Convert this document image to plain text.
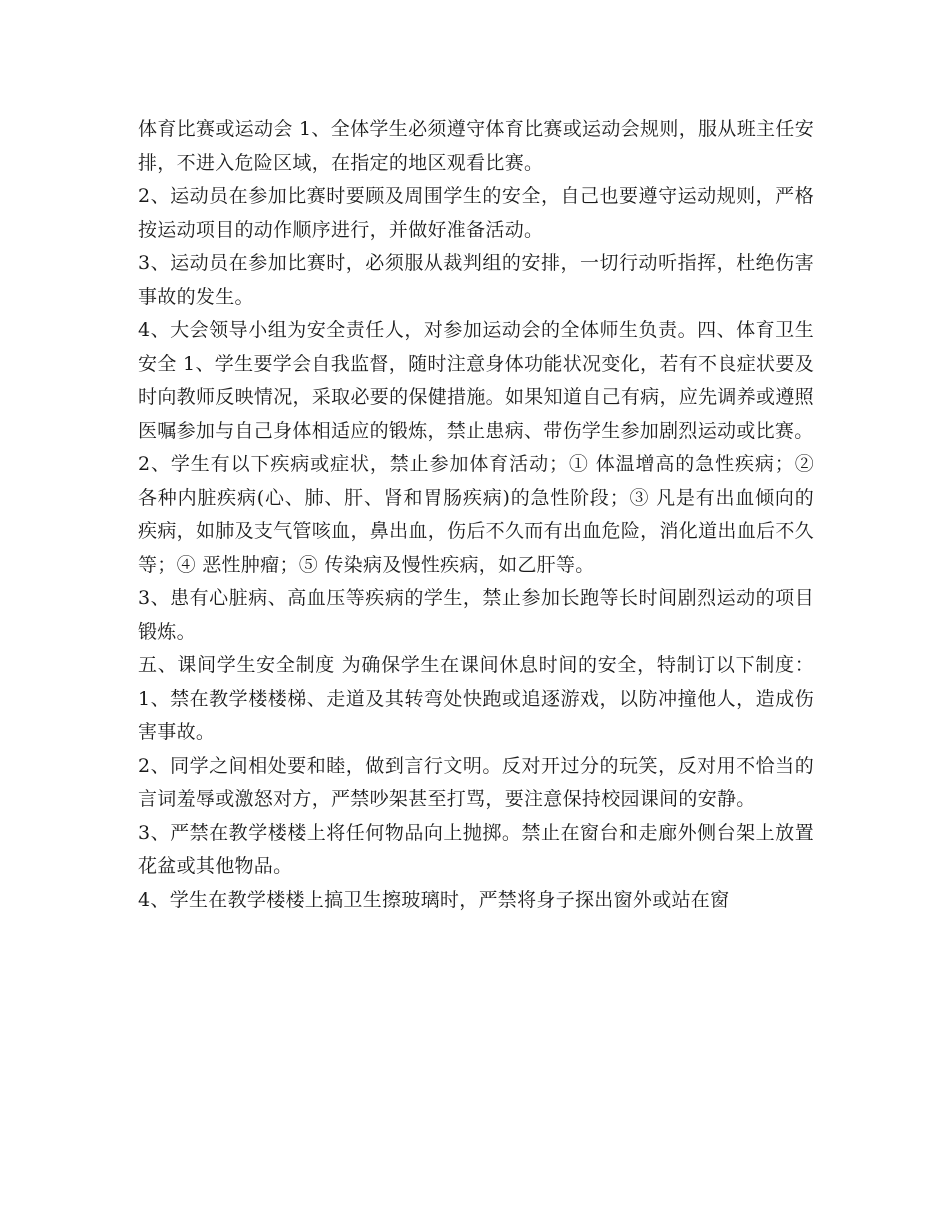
体育比赛或运动会 1、全体学生必须遵守体育比赛或运动会规则，服从班主任安排，不进入危险区域，在指定的地区观看比赛。

2、运动员在参加比赛时要顾及周围学生的安全，自己也要遵守运动规则，严格按运动项目的动作顺序进行，并做好准备活动。

3、运动员在参加比赛时，必须服从裁判组的安排，一切行动听指挥，杜绝伤害事故的发生。

4、大会领导小组为安全责任人，对参加运动会的全体师生负责。四、体育卫生安全 1、学生要学会自我监督，随时注意身体功能状况变化，若有不良症状要及时向教师反映情况，采取必要的保健措施。如果知道自己有病，应先调养或遵照医嘱参加与自己身体相适应的锻炼，禁止患病、带伤学生参加剧烈运动或比赛。

2、学生有以下疾病或症状，禁止参加体育活动；① 体温增高的急性疾病；② 各种内脏疾病(心、肺、肝、肾和胃肠疾病)的急性阶段；③ 凡是有出血倾向的疾病，如肺及支气管咳血，鼻出血，伤后不久而有出血危险，消化道出血后不久等；④ 恶性肿瘤；⑤ 传染病及慢性疾病，如乙肝等。

3、患有心脏病、高血压等疾病的学生，禁止参加长跑等长时间剧烈运动的项目锻炼。

五、课间学生安全制度 为确保学生在课间休息时间的安全，特制订以下制度： 1、禁在教学楼楼梯、走道及其转弯处快跑或追逐游戏，以防冲撞他人，造成伤害事故。

2、同学之间相处要和睦，做到言行文明。反对开过分的玩笑，反对用不恰当的言词羞辱或激怒对方，严禁吵架甚至打骂，要注意保持校园课间的安静。

3、严禁在教学楼楼上将任何物品向上抛掷。禁止在窗台和走廊外侧台架上放置花盆或其他物品。

4、学生在教学楼楼上搞卫生擦玻璃时，严禁将身子探出窗外或站在窗
